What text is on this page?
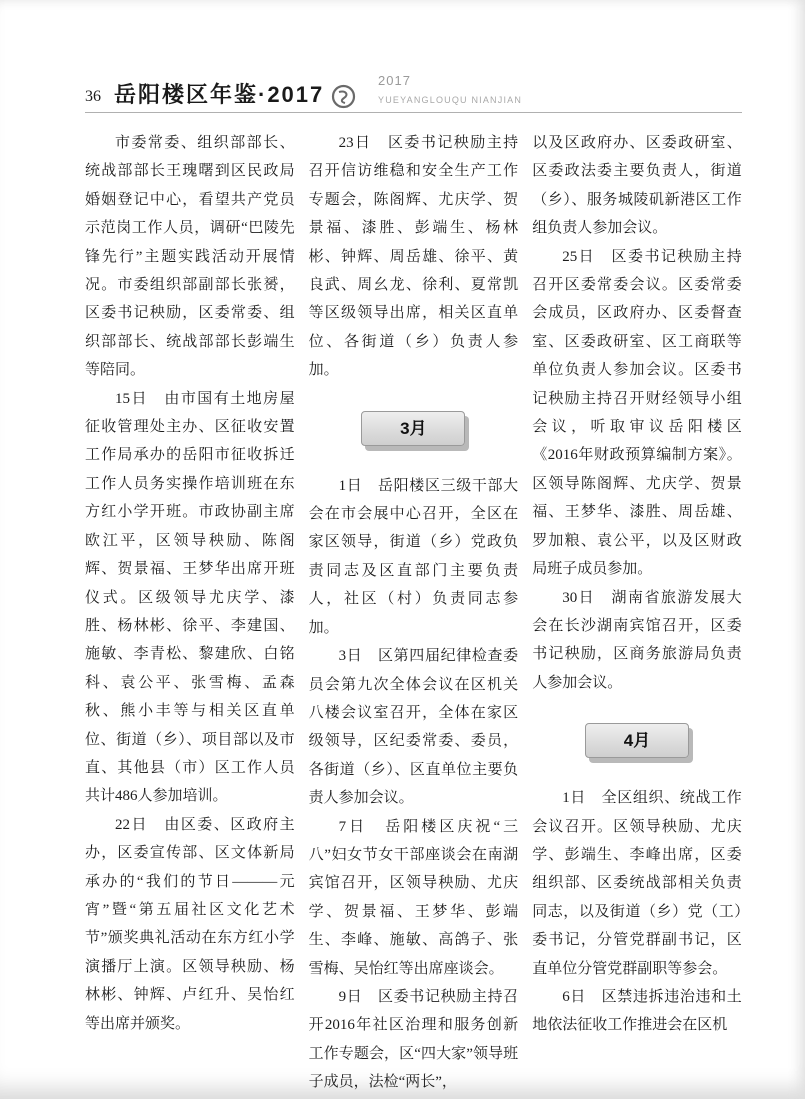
36 岳阳楼区年鉴·2017
2017
YUEYANGLOUQU NIANJIAN

市委常委、组织部部长、统战部部长王瑰曙到区民政局婚姻登记中心，看望共产党员示范岗工作人员，调研“巴陵先锋先行”主题实践活动开展情况。市委组织部副部长张赟，区委书记秧励，区委常委、组织部部长、统战部部长彭端生等陪同。

15日　由市国有土地房屋征收管理处主办、区征收安置工作局承办的岳阳市征收拆迁工作人员务实操作培训班在东方红小学开班。市政协副主席欧江平，区领导秧励、陈阁辉、贺景福、王梦华出席开班仪式。区级领导尤庆学、漆胜、杨林彬、徐平、李建国、施敏、李青松、黎建欣、白铭科、袁公平、张雪梅、孟森秋、熊小丰等与相关区直单位、街道（乡）、项目部以及市直、其他县（市）区工作人员共计486人参加培训。

22日　由区委、区政府主办，区委宣传部、区文体新局承办的“我们的节日———元宵”暨“第五届社区文化艺术节”颁奖典礼活动在东方红小学演播厅上演。区领导秧励、杨林彬、钟辉、卢红升、吴怡红等出席并颁奖。

23日　区委书记秧励主持召开信访维稳和安全生产工作专题会，陈阁辉、尤庆学、贺景福、漆胜、彭端生、杨林彬、钟辉、周岳雄、徐平、黄良武、周幺龙、徐利、夏常凯等区级领导出席，相关区直单位、各街道（乡）负责人参加。

3月

1日　岳阳楼区三级干部大会在市会展中心召开，全区在家区领导，街道（乡）党政负责同志及区直部门主要负责人，社区（村）负责同志参加。

3日　区第四届纪律检查委员会第九次全体会议在区机关八楼会议室召开，全体在家区级领导，区纪委常委、委员，各街道（乡）、区直单位主要负责人参加会议。

7日　岳阳楼区庆祝“三八”妇女节女干部座谈会在南湖宾馆召开，区领导秧励、尤庆学、贺景福、王梦华、彭端生、李峰、施敏、高鸽子、张雪梅、吴怡红等出席座谈会。

9日　区委书记秧励主持召开2016年社区治理和服务创新工作专题会，区“四大家”领导班子成员，法检“两长”，

以及区政府办、区委政研室、区委政法委主要负责人，街道（乡）、服务城陵矶新港区工作组负责人参加会议。

25日　区委书记秧励主持召开区委常委会议。区委常委会成员，区政府办、区委督查室、区委政研室、区工商联等单位负责人参加会议。区委书记秧励主持召开财经领导小组会议，听取审议岳阳楼区《2016年财政预算编制方案》。区领导陈阁辉、尤庆学、贺景福、王梦华、漆胜、周岳雄、罗加粮、袁公平，以及区财政局班子成员参加。

30日　湖南省旅游发展大会在长沙湖南宾馆召开，区委书记秧励，区商务旅游局负责人参加会议。

4月

1日　全区组织、统战工作会议召开。区领导秧励、尤庆学、彭端生、李峰出席，区委组织部、区委统战部相关负责同志，以及街道（乡）党（工）委书记，分管党群副书记，区直单位分管党群副职等参会。

6日　区禁违拆违治违和土地依法征收工作推进会在区机
